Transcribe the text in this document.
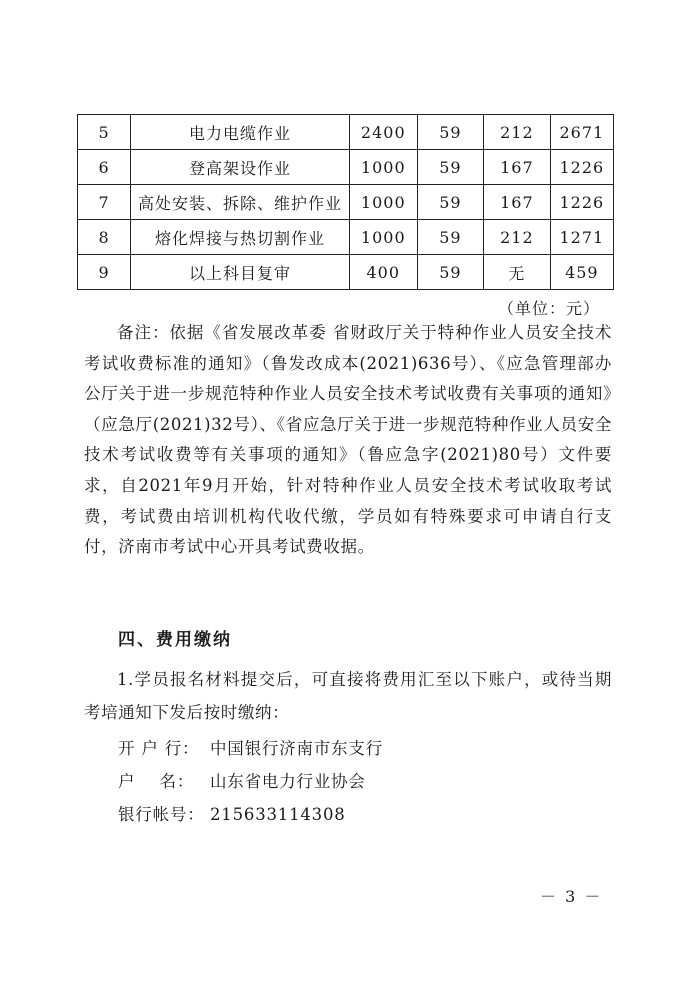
5	电力电缆作业	2400	59	212	2671
6	登高架设作业	1000	59	167	1226
7	高处安装、拆除、维护作业	1000	59	167	1226
8	熔化焊接与热切割作业	1000	59	212	1271
9	以上科目复审	400	59	无	459
（单位：元）

备注：依据《省发展改革委 省财政厅关于特种作业人员安全技术考试收费标准的通知》（鲁发改成本(2021)636号）、《应急管理部办公厅关于进一步规范特种作业人员安全技术考试收费有关事项的通知》（应急厅(2021)32号）、《省应急厅关于进一步规范特种作业人员安全技术考试收费等有关事项的通知》（鲁应急字(2021)80号）文件要求，自2021年9月开始，针对特种作业人员安全技术考试收取考试费，考试费由培训机构代收代缴，学员如有特殊要求可申请自行支付，济南市考试中心开具考试费收据。

四、费用缴纳

1.学员报名材料提交后，可直接将费用汇至以下账户，或待当期考培通知下发后按时缴纳：

开 户 行： 中国银行济南市东支行
户    名： 山东省电力行业协会
银行帐号： 215633114308
－ 3 －
